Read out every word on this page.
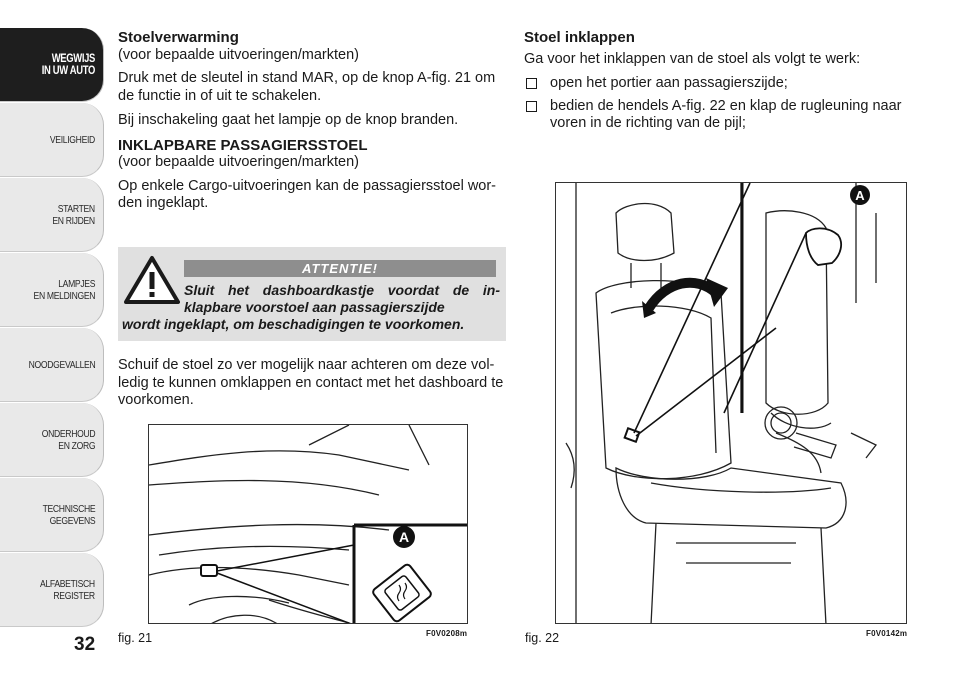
WEGWIJS
IN UW AUTO
VEILIGHEID
STARTEN
EN RIJDEN
LAMPJES
EN MELDINGEN
NOODGEVALLEN
ONDERHOUD
EN ZORG
TECHNISCHE
GEGEVENS
ALFABETISCH
REGISTER
32
Stoelverwarming

(voor bepaalde uitvoeringen/markten)

Druk met de sleutel in stand MAR, op de knop A-fig. 21 om de functie in of uit te schakelen.

Bij inschakeling gaat het lampje op de knop branden.

INKLAPBARE PASSAGIERSSTOEL

(voor bepaalde uitvoeringen/markten)

Op enkele Cargo-uitvoeringen kan de passagiersstoel wor-den ingeklapt.

ATTENTIE!
Sluit het dashboardkastje voordat de in-klapbare voorstoel aan passagierszijde
wordt ingeklapt, om beschadigingen te voorkomen.

Schuif de stoel zo ver mogelijk naar achteren om deze vol-ledig te kunnen omklappen en contact met het dashboard te voorkomen.

A
fig. 21	F0V0208m
Stoel inklappen

Ga voor het inklappen van de stoel als volgt te werk:

open het portier aan passagierszijde;
bedien de hendels A-fig. 22 en klap de rugleuning naar voren in de richting van de pijl;
A
fig. 22	F0V0142m
